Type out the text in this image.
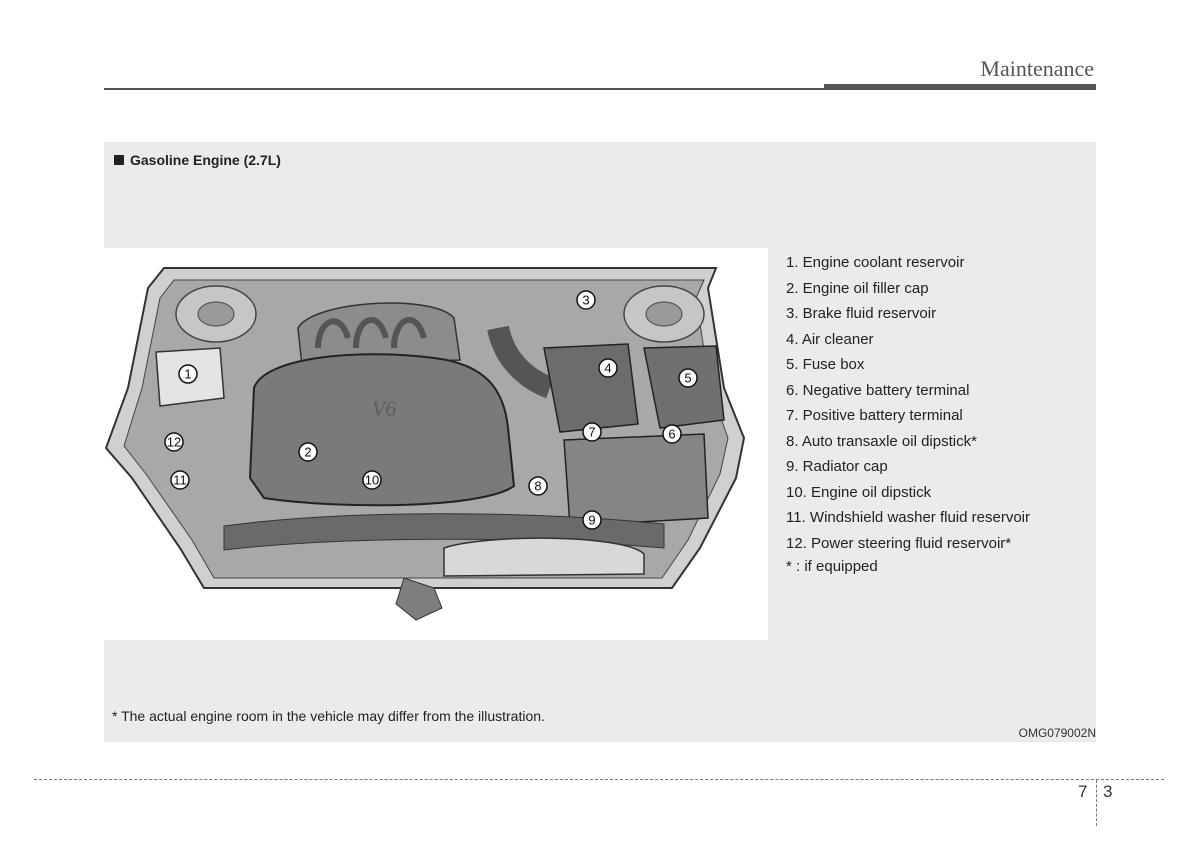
Maintenance
Gasoline Engine (2.7L)
V6
1
2
3
4
5
6
7
8
9
10
11
12
1. Engine coolant reservoir
2. Engine oil filler cap
3. Brake fluid reservoir
4. Air cleaner
5. Fuse box
6. Negative battery terminal
7. Positive battery terminal
8. Auto transaxle oil dipstick*
9. Radiator cap
10. Engine oil dipstick
11. Windshield washer fluid reservoir
12. Power steering fluid reservoir*
* : if equipped
* The actual engine room in the vehicle may differ from the illustration.
OMG079002N
7 3
